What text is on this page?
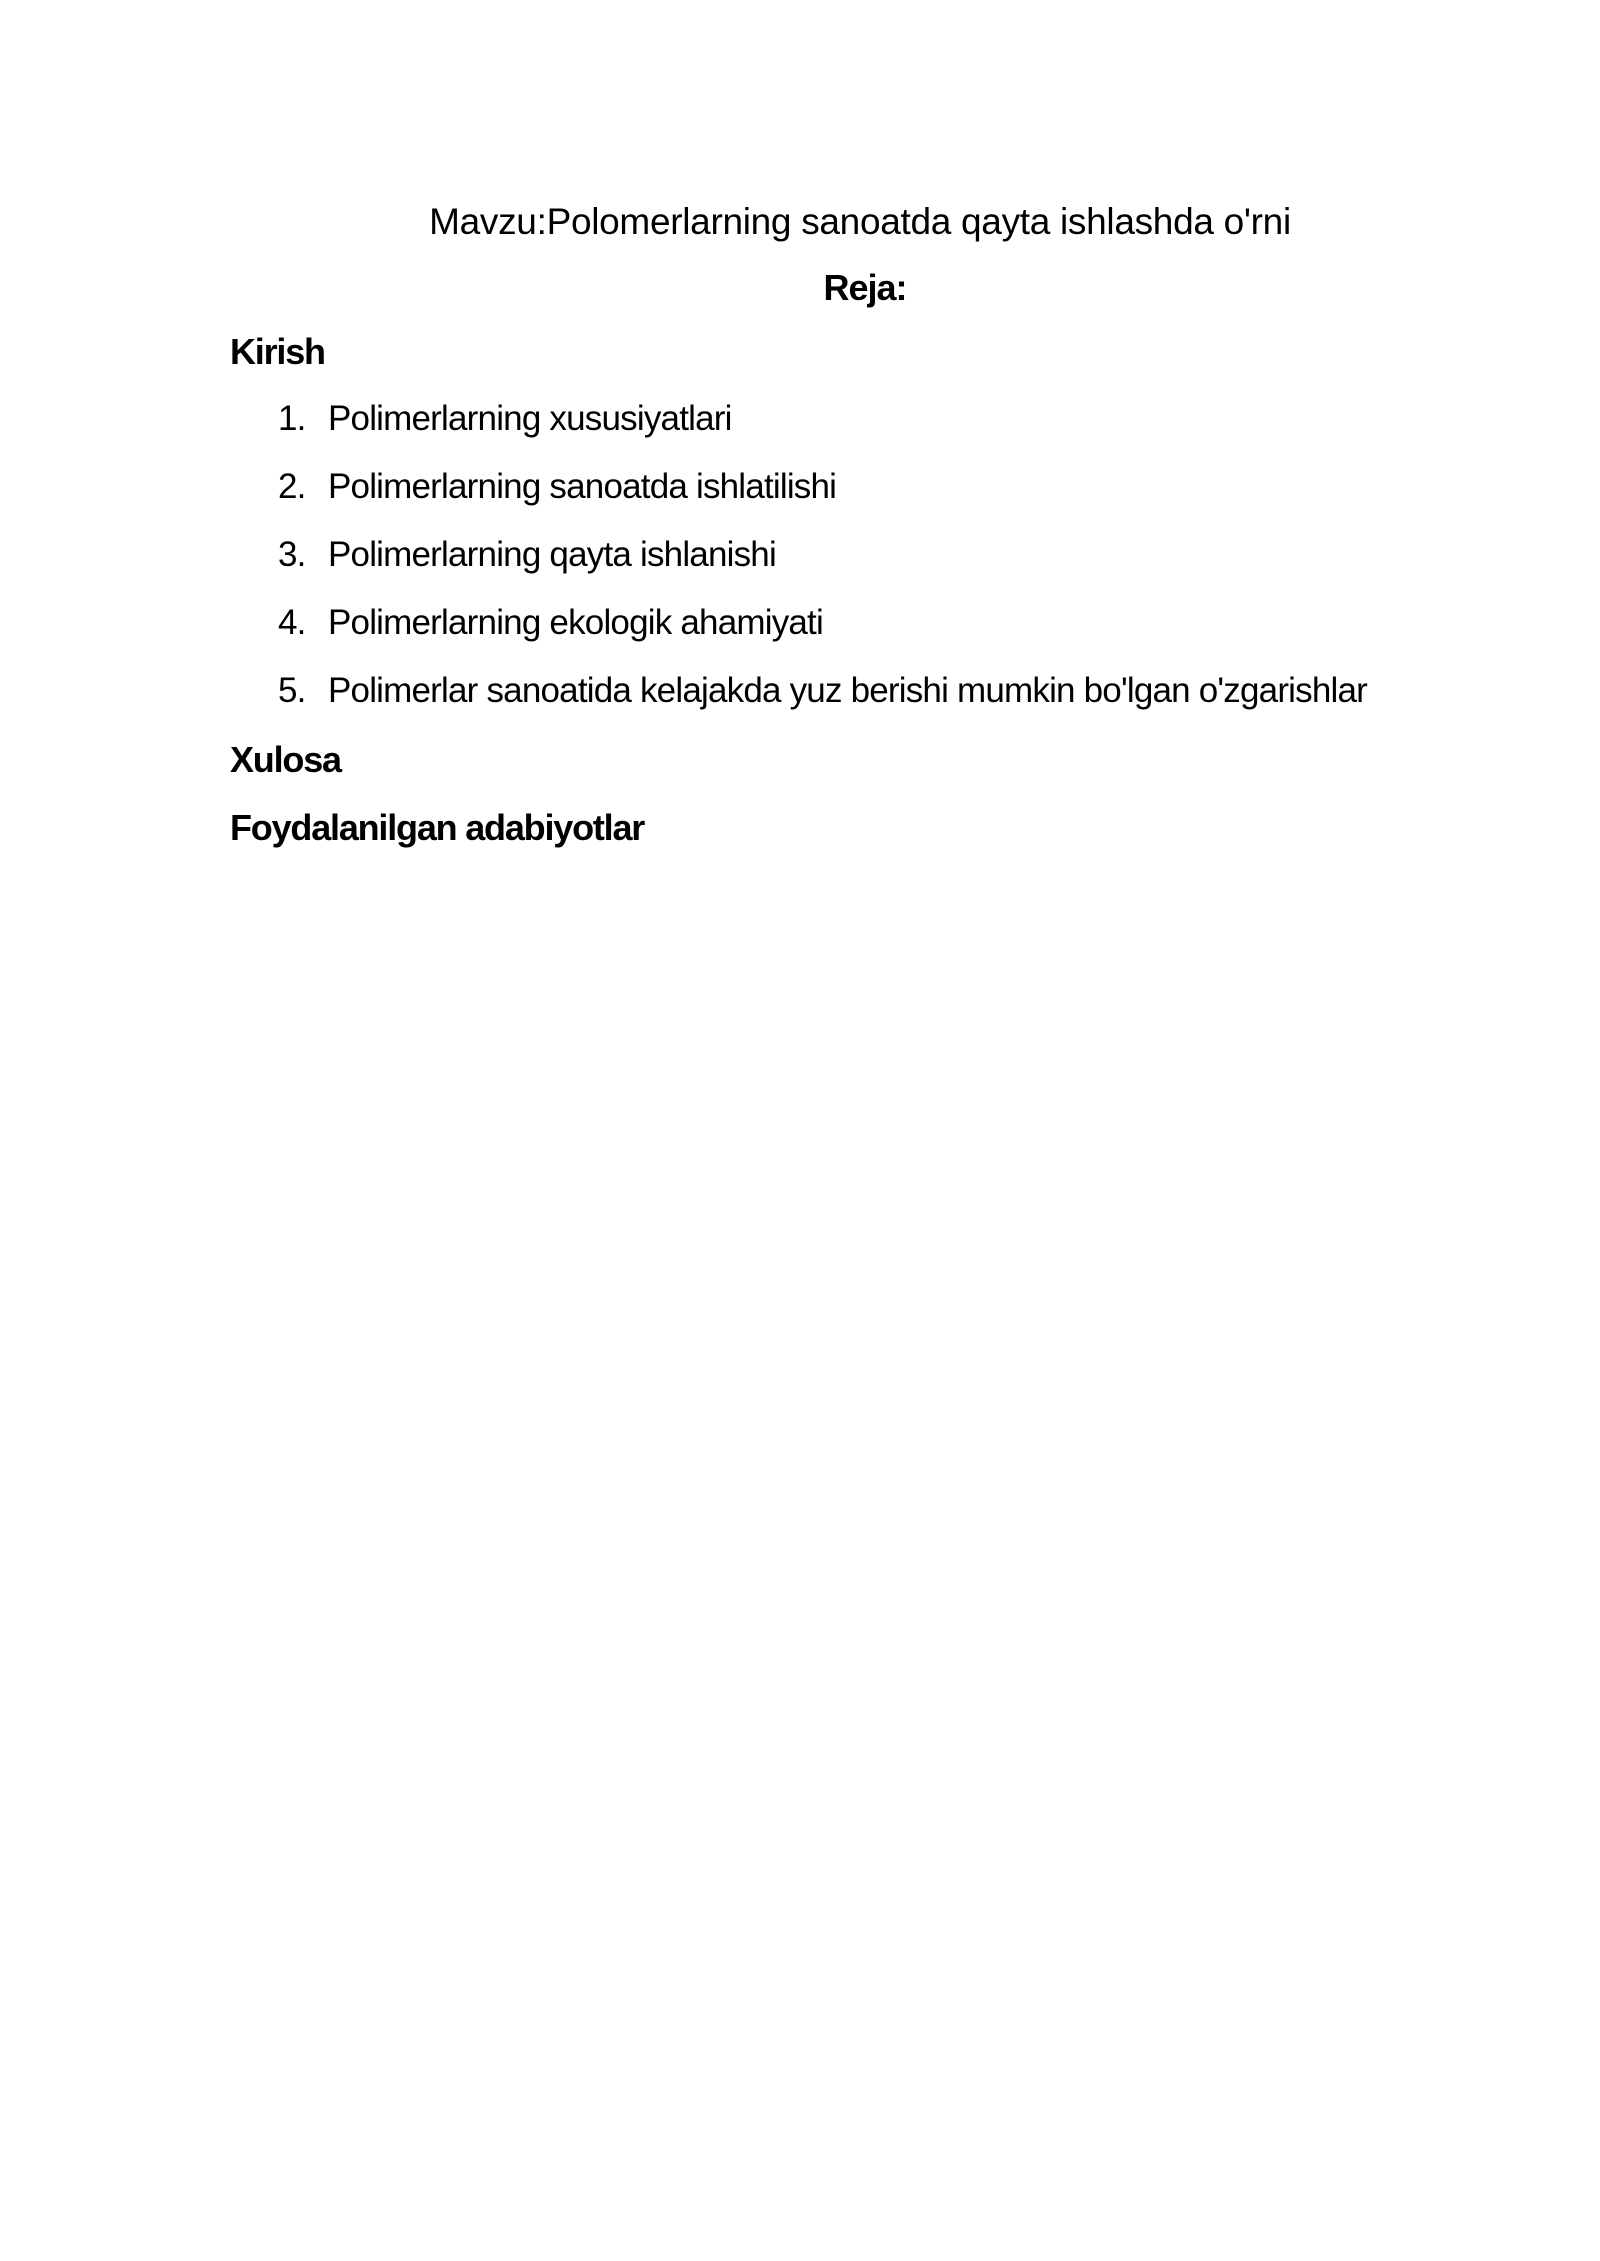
Mavzu:Polomerlarning sanoatda qayta ishlashda o'rni
Reja:
Kirish
1. Polimerlarning xususiyatlari
2. Polimerlarning sanoatda ishlatilishi
3. Polimerlarning qayta ishlanishi
4. Polimerlarning ekologik ahamiyati
5. Polimerlar sanoatida kelajakda yuz berishi mumkin bo'lgan o'zgarishlar
Xulosa
Foydalanilgan adabiyotlar
